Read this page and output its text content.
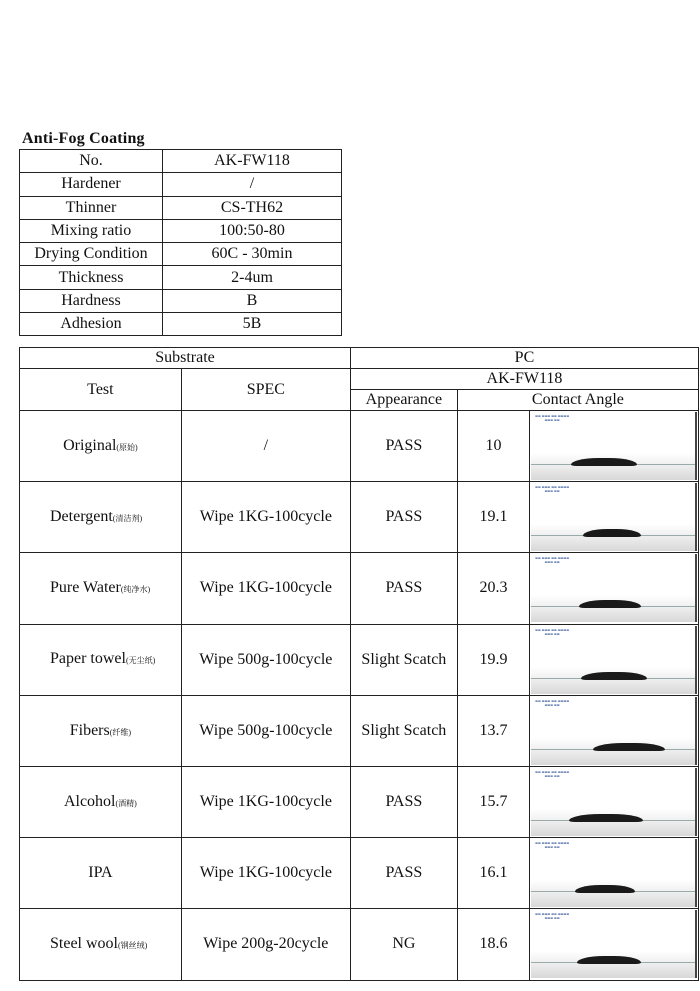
Anti-Fog Coating
No.	AK-FW118
Hardener	/
Thinner	CS-TH62
Mixing ratio	100:50-80
Drying Condition	60C - 30min
Thickness	2-4um
Hardness	B
Adhesion	5B
Substrate		PC		
Test	SPEC	AK-FW118		
		Appearance	Contact Angle	
Original(原始)	/	PASS	10	▬▬ ▬▬▬ ▬▬ ▬▬▬▬
▬▬▬ ▬▬

Detergent(清洁剂)	Wipe 1KG-100cycle	PASS	19.1	▬▬ ▬▬▬ ▬▬ ▬▬▬▬
▬▬▬ ▬▬

Pure Water(纯净水)	Wipe 1KG-100cycle	PASS	20.3	▬▬ ▬▬▬ ▬▬ ▬▬▬▬
▬▬▬ ▬▬

Paper towel(无尘纸)	Wipe 500g-100cycle	Slight Scatch	19.9	▬▬ ▬▬▬ ▬▬ ▬▬▬▬
▬▬▬ ▬▬

Fibers(纤维)	Wipe 500g-100cycle	Slight Scatch	13.7	▬▬ ▬▬▬ ▬▬ ▬▬▬▬
▬▬▬ ▬▬

Alcohol(酒精)	Wipe 1KG-100cycle	PASS	15.7	▬▬ ▬▬▬ ▬▬ ▬▬▬▬
▬▬▬ ▬▬

IPA	Wipe 1KG-100cycle	PASS	16.1	▬▬ ▬▬▬ ▬▬ ▬▬▬▬
▬▬▬ ▬▬

Steel wool(钢丝绒)	Wipe 200g-20cycle	NG	18.6	▬▬ ▬▬▬ ▬▬ ▬▬▬▬
▬▬▬ ▬▬
